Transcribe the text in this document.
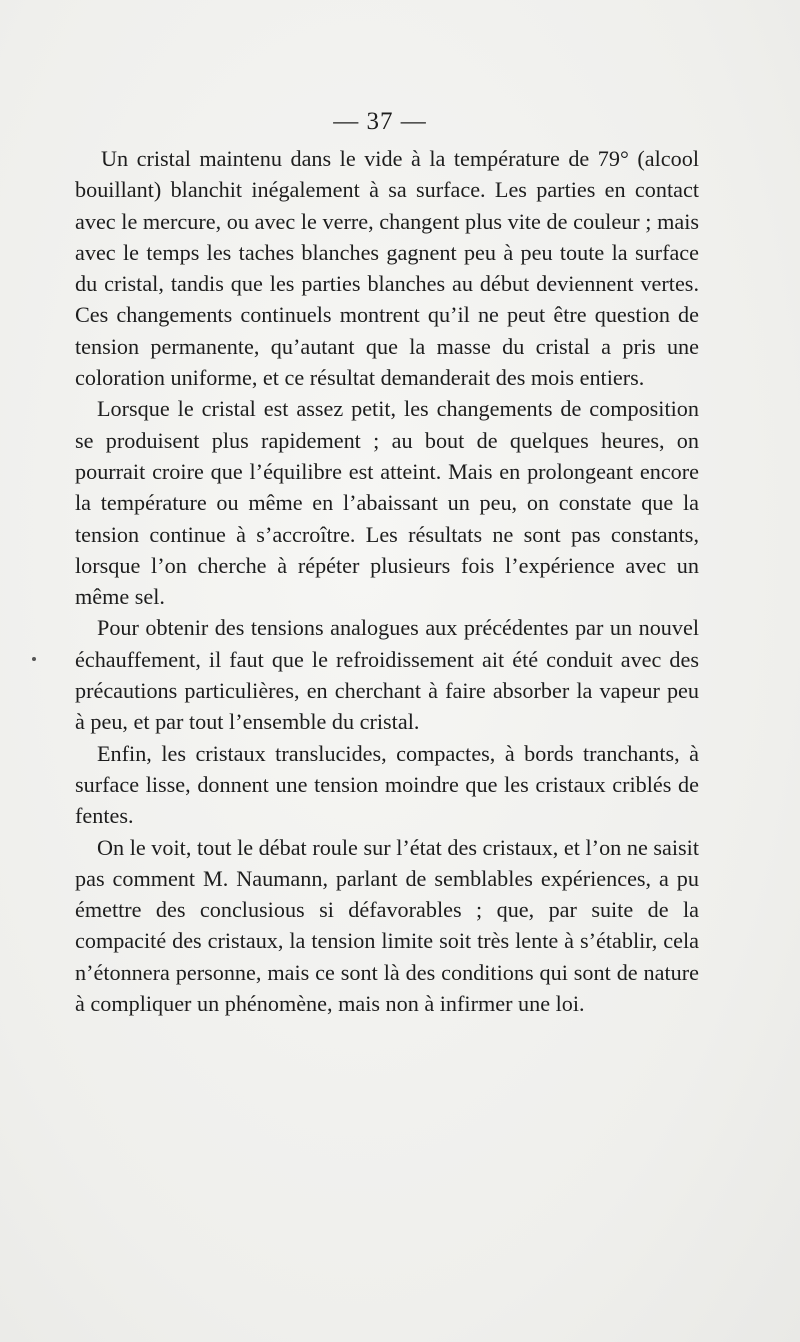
— 37 —

Un cristal maintenu dans le vide à la température de 79° (alcool bouillant) blanchit inégalement à sa surface. Les parties en contact avec le mercure, ou avec le verre, changent plus vite de couleur ; mais avec le temps les taches blanches gagnent peu à peu toute la surface du cristal, tandis que les parties blanches au début deviennent vertes. Ces changements continuels montrent qu’il ne peut être question de tension permanente, qu’autant que la masse du cristal a pris une coloration uniforme, et ce résultat demanderait des mois entiers.

Lorsque le cristal est assez petit, les changements de composition se produisent plus rapidement ; au bout de quelques heures, on pourrait croire que l’équilibre est atteint. Mais en prolongeant encore la température ou même en l’abaissant un peu, on constate que la tension continue à s’accroître. Les résultats ne sont pas constants, lorsque l’on cherche à répéter plusieurs fois l’expérience avec un même sel.

Pour obtenir des tensions analogues aux précédentes par un nouvel échauffement, il faut que le refroidissement ait été conduit avec des précautions particulières, en cherchant à faire absorber la vapeur peu à peu, et par tout l’ensemble du cristal.

Enfin, les cristaux translucides, compactes, à bords tranchants, à surface lisse, donnent une tension moindre que les cristaux criblés de fentes.

On le voit, tout le débat roule sur l’état des cristaux, et l’on ne saisit pas comment M. Naumann, parlant de semblables expériences, a pu émettre des conclusious si défavorables ; que, par suite de la compacité des cristaux, la tension limite soit très lente à s’établir, cela n’étonnera personne, mais ce sont là des conditions qui sont de nature à compliquer un phénomène, mais non à infirmer une loi.
